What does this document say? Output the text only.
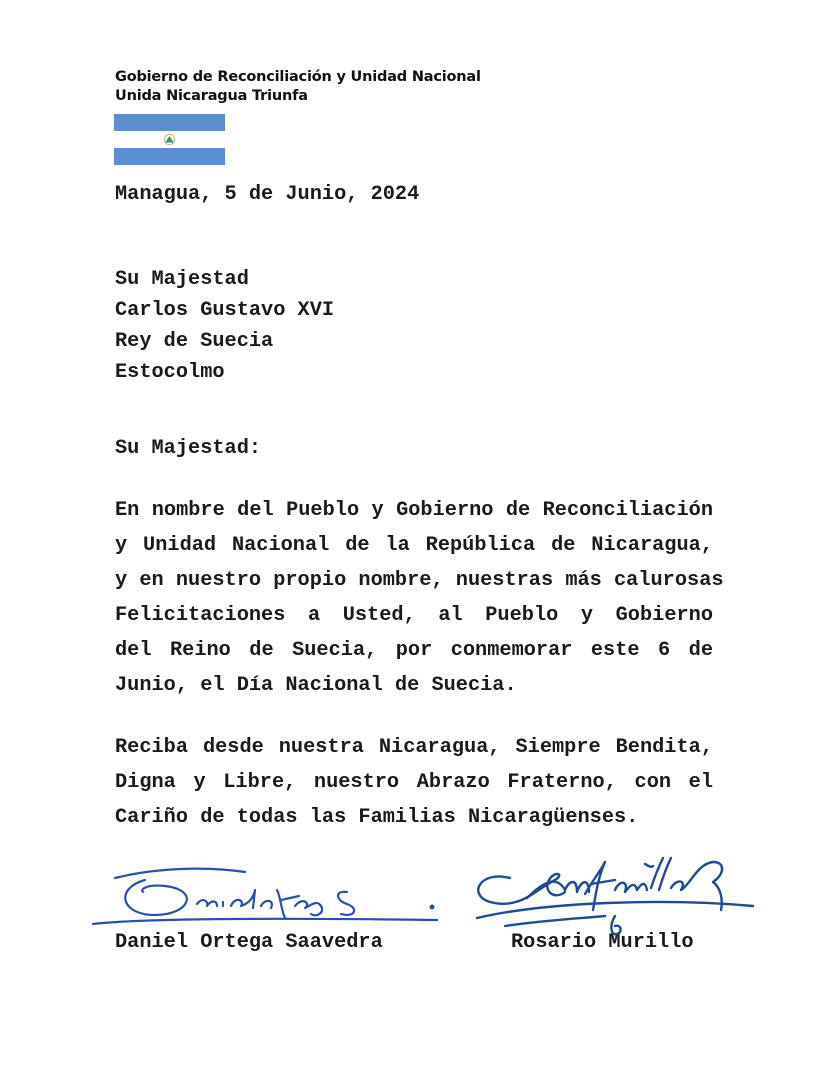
Gobierno de Reconciliación y Unidad Nacional
Unida Nicaragua Triunfa
Managua, 5 de Junio, 2024
Su Majestad
Carlos Gustavo XVI
Rey de Suecia
Estocolmo
Su Majestad:
En nombre del Pueblo y Gobierno de Reconciliación
y Unidad Nacional de la República de Nicaragua,
y en nuestro propio nombre, nuestras más calurosas
Felicitaciones a Usted, al Pueblo y Gobierno
del Reino de Suecia, por conmemorar este 6 de
Junio, el Día Nacional de Suecia.
Reciba desde nuestra Nicaragua, Siempre Bendita,
Digna y Libre, nuestro Abrazo Fraterno, con el
Cariño de todas las Familias Nicaragüenses.
Daniel Ortega Saavedra	Rosario Murillo
